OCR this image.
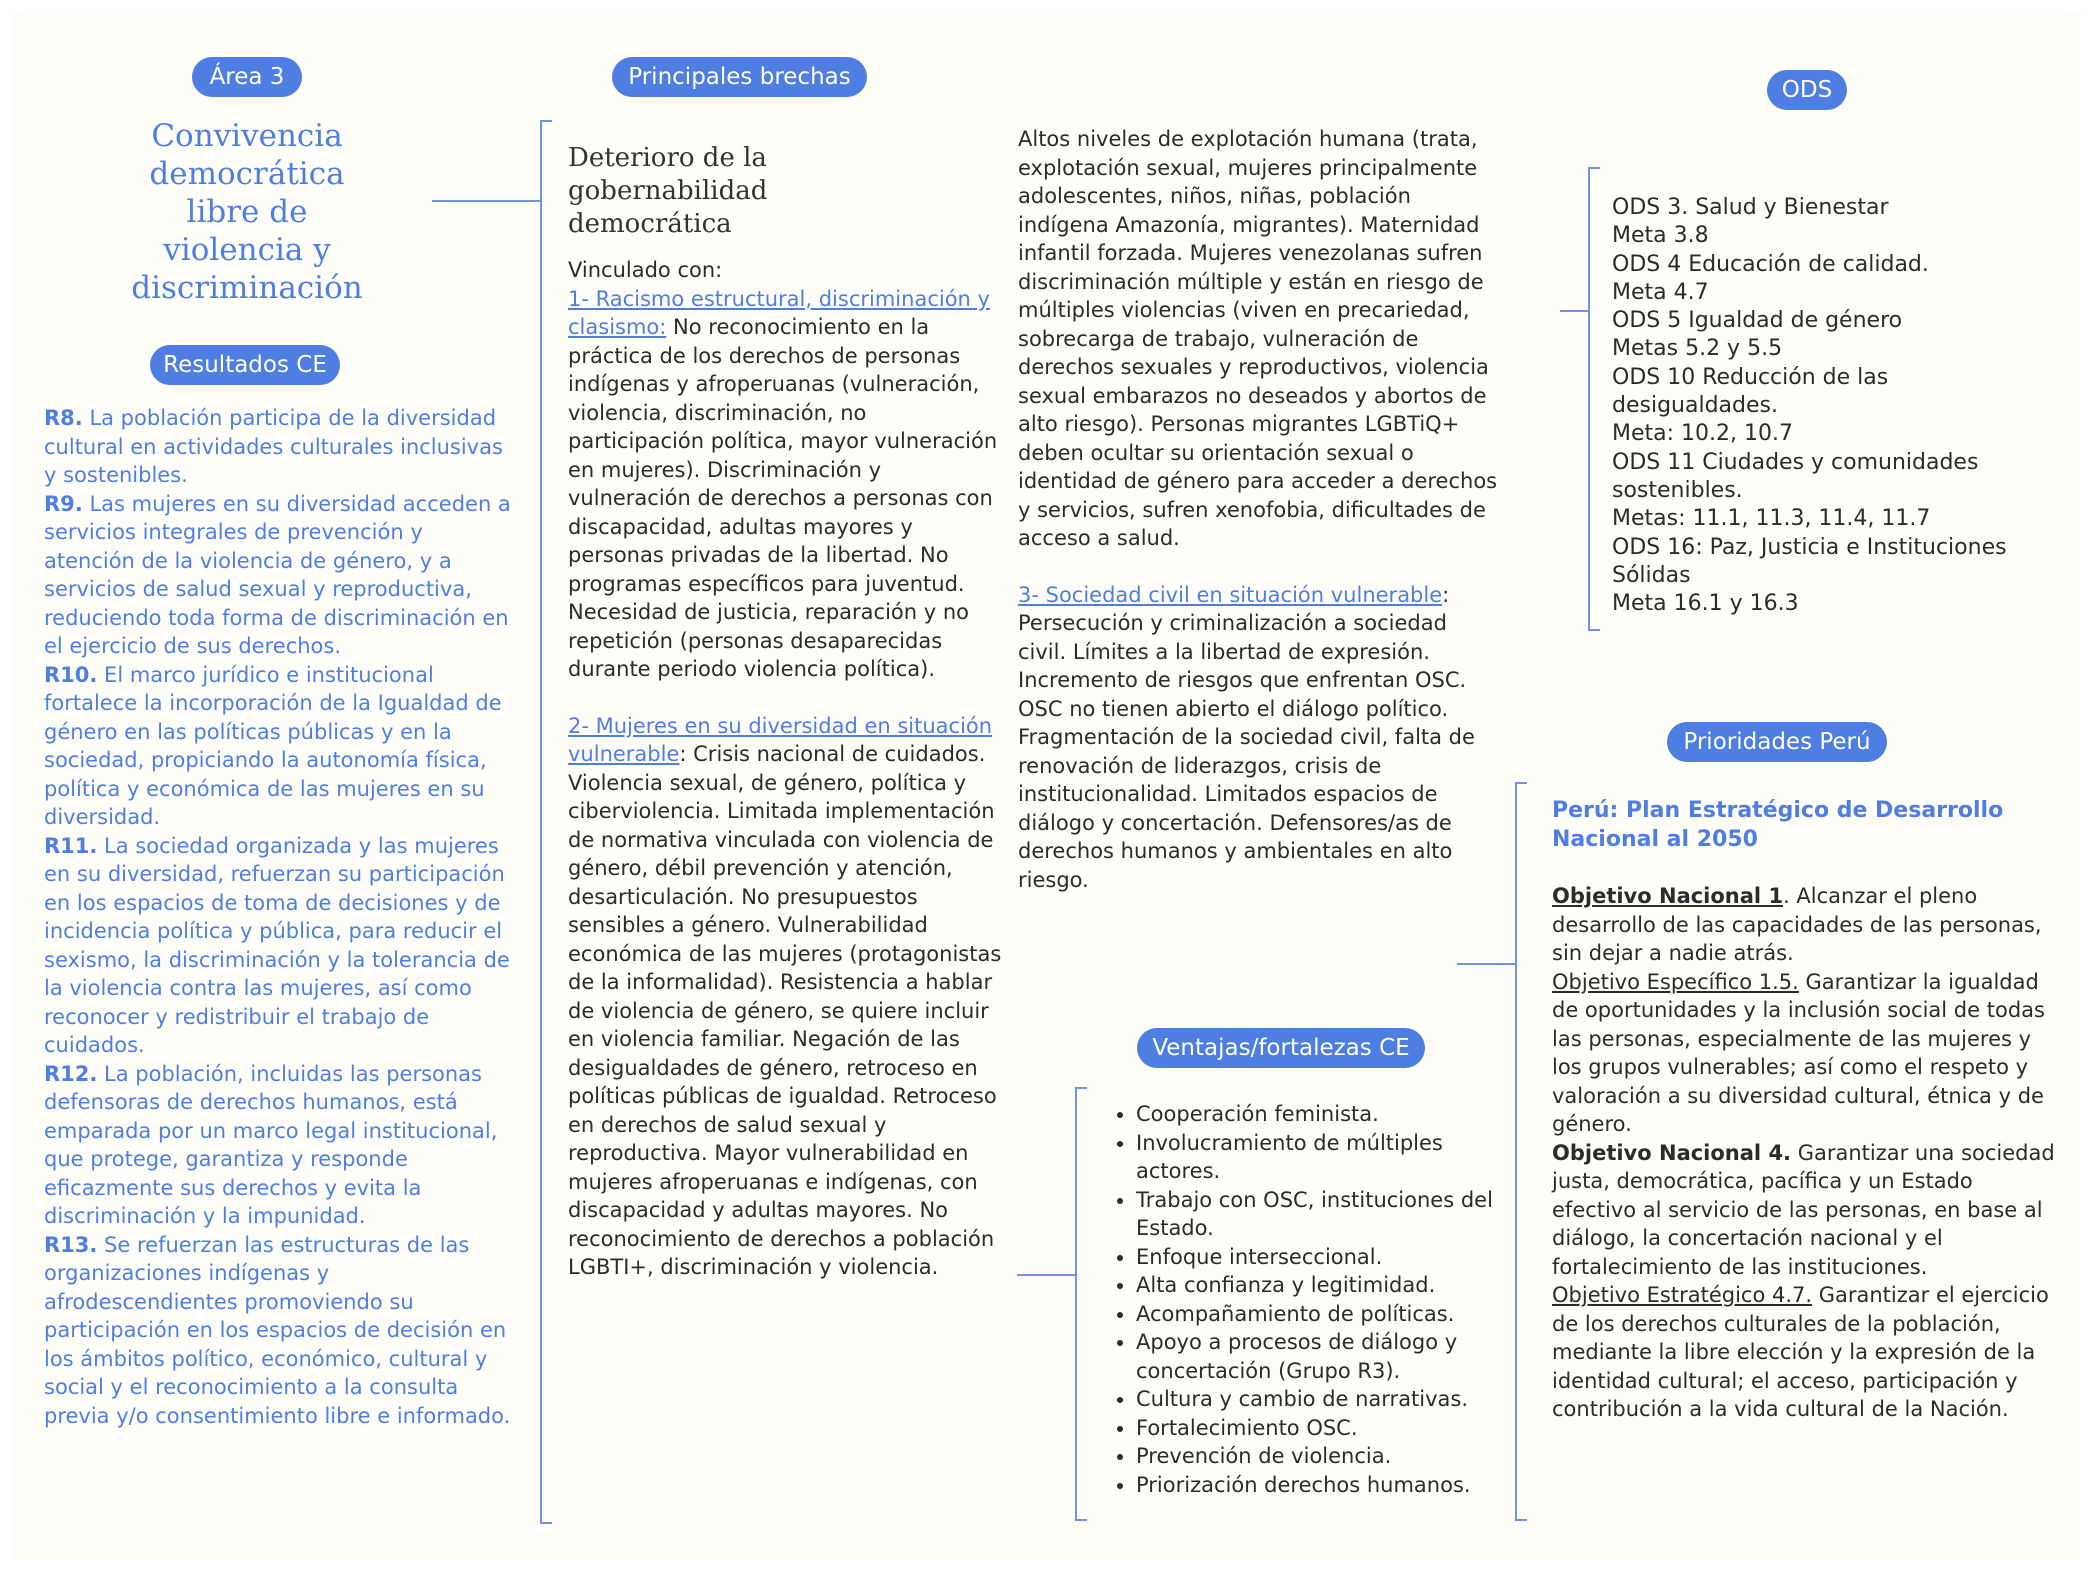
Área 3
Convivencia
democrática
libre de
violencia y
discriminación
Resultados CE

R8. La población participa de la diversidad cultural en actividades culturales inclusivas y sostenibles.

R9. Las mujeres en su diversidad acceden a servicios integrales de prevención y atención de la violencia de género, y a servicios de salud sexual y reproductiva, reduciendo toda forma de discriminación en el ejercicio de sus derechos.

R10. El marco jurídico e institucional fortalece la incorporación de la Igualdad de género en las políticas públicas y en la sociedad, propiciando la autonomía física, política y económica de las mujeres en su diversidad.

R11. La sociedad organizada y las mujeres en su diversidad, refuerzan su participación en los espacios de toma de decisiones y de incidencia política y pública, para reducir el sexismo, la discriminación y la tolerancia de la violencia contra las mujeres, así como reconocer y redistribuir el trabajo de cuidados.

R12. La población, incluidas las personas defensoras de derechos humanos, está emparada por un marco legal institucional, que protege, garantiza y responde eficazmente sus derechos y evita la discriminación y la impunidad.

R13. Se refuerzan las estructuras de las organizaciones indígenas y afrodescendientes promoviendo su participación en los espacios de decisión en los ámbitos político, económico, cultural y social y el reconocimiento a la consulta previa y/o consentimiento libre e informado.

Principales brechas
Deterioro de la
gobernabilidad
democrática

Vinculado con:

1- Racismo estructural, discriminación y clasismo: No reconocimiento en la práctica de los derechos de personas indígenas y afroperuanas (vulneración, violencia, discriminación, no participación política, mayor vulneración en mujeres). Discriminación y vulneración de derechos a personas con discapacidad, adultas mayores y personas privadas de la libertad. No programas específicos para juventud. Necesidad de justicia, reparación y no repetición (personas desaparecidas durante periodo violencia política).

2- Mujeres en su diversidad en situación vulnerable: Crisis nacional de cuidados. Violencia sexual, de género, política y ciberviolencia. Limitada implementación de normativa vinculada con violencia de género, débil prevención y atención, desarticulación. No presupuestos sensibles a género. Vulnerabilidad económica de las mujeres (protagonistas de la informalidad). Resistencia a hablar de violencia de género, se quiere incluir en violencia familiar. Negación de las desigualdades de género, retroceso en políticas públicas de igualdad. Retroceso en derechos de salud sexual y reproductiva. Mayor vulnerabilidad en mujeres afroperuanas e indígenas, con discapacidad y adultas mayores. No reconocimiento de derechos a población LGBTI+, discriminación y violencia.

Altos niveles de explotación humana (trata, explotación sexual, mujeres principalmente adolescentes, niños, niñas, población indígena Amazonía, migrantes). Maternidad infantil forzada. Mujeres venezolanas sufren discriminación múltiple y están en riesgo de múltiples violencias (viven en precariedad, sobrecarga de trabajo, vulneración de derechos sexuales y reproductivos, violencia sexual embarazos no deseados y abortos de alto riesgo). Personas migrantes LGBTiQ+ deben ocultar su orientación sexual o identidad de género para acceder a derechos y servicios, sufren xenofobia, dificultades de acceso a salud.

3- Sociedad civil en situación vulnerable: Persecución y criminalización a sociedad civil. Límites a la libertad de expresión. Incremento de riesgos que enfrentan OSC. OSC no tienen abierto el diálogo político. Fragmentación de la sociedad civil, falta de renovación de liderazgos, crisis de institucionalidad. Limitados espacios de diálogo y concertación. Defensores/as de derechos humanos y ambientales en alto riesgo.

ODS
ODS 3. Salud y Bienestar
Meta 3.8
ODS 4 Educación de calidad.
Meta 4.7
ODS 5 Igualdad de género
Metas 5.2 y 5.5
ODS 10 Reducción de las desigualdades.
Meta: 10.2, 10.7
ODS 11 Ciudades y comunidades sostenibles.
Metas: 11.1, 11.3, 11.4, 11.7
ODS 16: Paz, Justicia e Instituciones Sólidas
Meta 16.1 y 16.3
Prioridades Perú

Perú: Plan Estratégico de Desarrollo Nacional al 2050

Objetivo Nacional 1. Alcanzar el pleno desarrollo de las capacidades de las personas, sin dejar a nadie atrás.

Objetivo Específico 1.5. Garantizar la igualdad de oportunidades y la inclusión social de todas las personas, especialmente de las mujeres y los grupos vulnerables; así como el respeto y valoración a su diversidad cultural, étnica y de género.

Objetivo Nacional 4. Garantizar una sociedad justa, democrática, pacífica y un Estado efectivo al servicio de las personas, en base al diálogo, la concertación nacional y el fortalecimiento de las instituciones.

Objetivo Estratégico 4.7. Garantizar el ejercicio de los derechos culturales de la población, mediante la libre elección y la expresión de la identidad cultural; el acceso, participación y contribución a la vida cultural de la Nación.

Ventajas/fortalezas CE
• Cooperación feminista.
• Involucramiento de múltiples actores.
• Trabajo con OSC, instituciones del Estado.
• Enfoque interseccional.
• Alta confianza y legitimidad.
• Acompañamiento de políticas.
• Apoyo a procesos de diálogo y concertación (Grupo R3).
• Cultura y cambio de narrativas.
• Fortalecimiento OSC.
• Prevención de violencia.
• Priorización derechos humanos.
